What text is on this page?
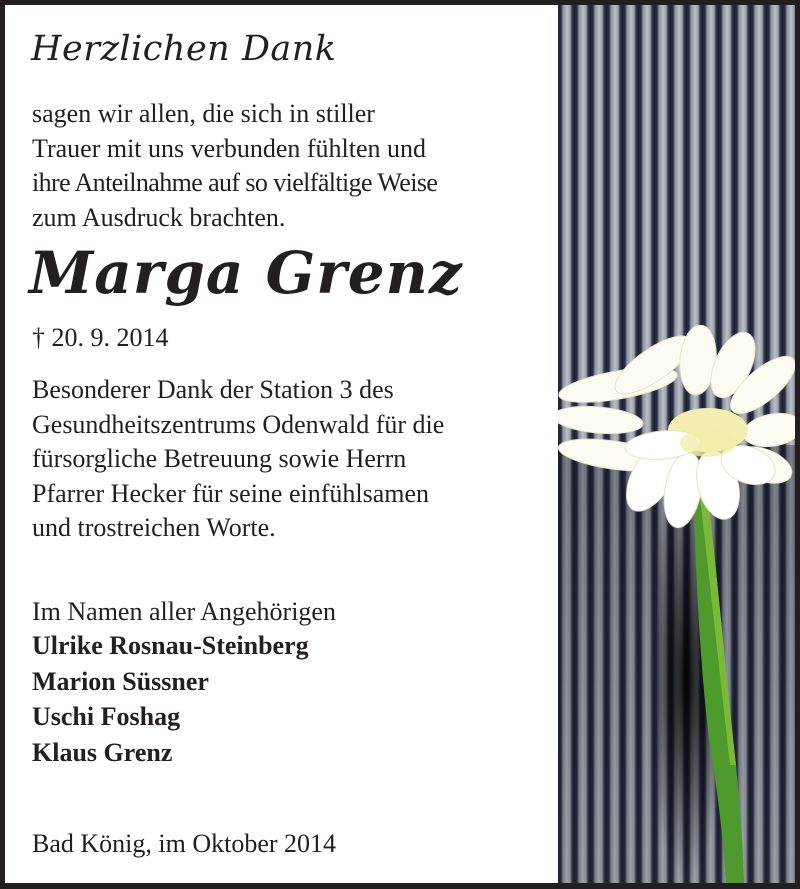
Herzlichen Dank
sagen wir allen, die sich in stiller
Trauer mit uns verbunden fühlten und
ihre Anteilnahme auf so vielfältige Weise
zum Ausdruck brachten.
Marga Grenz
† 20. 9. 2014
Besonderer Dank der Station 3 des
Gesundheitszentrums Odenwald für die
fürsorgliche Betreuung sowie Herrn
Pfarrer Hecker für seine einfühlsamen
und trostreichen Worte.
Im Namen aller Angehörigen
Ulrike Rosnau-Steinberg
Marion Süssner
Uschi Foshag
Klaus Grenz
Bad König, im Oktober 2014
